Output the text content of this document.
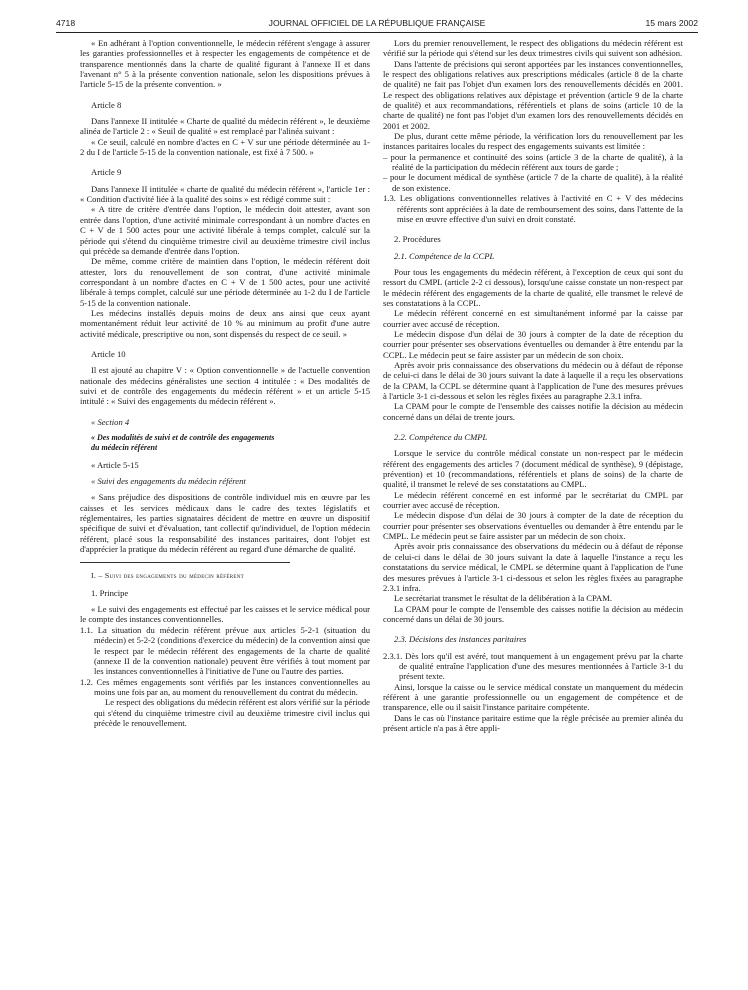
4718	JOURNAL OFFICIEL DE LA RÉPUBLIQUE FRANÇAISE	15 mars 2002

« En adhérant à l'option conventionnelle, le médecin référent s'engage à assurer les garanties professionnelles et à respecter les engagements de compétence et de transparence mentionnés dans la charte de qualité figurant à l'annexe II et dans l'avenant n° 5 à la présente convention nationale, selon les dispositions prévues à l'article 5-15 de la présente convention. »

Article 8

Dans l'annexe II intitulée « Charte de qualité du médecin référent », le deuxième alinéa de l'article 2 : « Seuil de qualité » est remplacé par l'alinéa suivant :

« Ce seuil, calculé en nombre d'actes en C + V sur une période déterminée au 1-2 du I de l'article 5-15 de la convention nationale, est fixé à 7 500. »

Article 9

Dans l'annexe II intitulée « charte de qualité du médecin référent », l'article 1er : « Condition d'activité liée à la qualité des soins » est rédigé comme suit :

« A titre de critère d'entrée dans l'option, le médecin doit attester, avant son entrée dans l'option, d'une activité minimale correspondant à un nombre d'actes en C + V de 1 500 actes pour une activité libérale à temps complet, calculé sur la période qui s'étend du cinquième trimestre civil au deuxième trimestre civil inclus qui précède sa demande d'entrée dans l'option.

De même, comme critère de maintien dans l'option, le médecin référent doit attester, lors du renouvellement de son contrat, d'une activité minimale correspondant à un nombre d'actes en C + V de 1 500 actes, pour une activité libérale à temps complet, calculé sur une période déterminée au 1-2 du I de l'article 5-15 de la convention nationale.

Les médecins installés depuis moins de deux ans ainsi que ceux ayant momentanément réduit leur activité de 10 % au minimum au profit d'une autre activité médicale, prescriptive ou non, sont dispensés du respect de ce seuil. »

Article 10

Il est ajouté au chapitre V : « Option conventionnelle » de l'actuelle convention nationale des médecins généralistes une section 4 intitulée : « Des modalités de suivi et de contrôle des engagements du médecin référent » et un article 5-15 intitulé : « Suivi des engagements du médecin référent ».

« Section 4

« Des modalités de suivi et de contrôle des engagements

du médecin référent

« Article 5-15

« Suivi des engagements du médecin référent

« Sans préjudice des dispositions de contrôle individuel mis en œuvre par les caisses et les services médicaux dans le cadre des textes législatifs et réglementaires, les parties signataires décident de mettre en œuvre un dispositif spécifique de suivi et d'évaluation, tant collectif qu'individuel, de l'option médecin référent, placé sous la responsabilité des instances paritaires, dont l'objet est d'apprécier la pratique du médecin référent au regard d'une démarche de qualité.

I. – Suivi des engagements du médecin référent

1. Principe

« Le suivi des engagements est effectué par les caisses et le service médical pour le compte des instances conventionnelles.

1.1. La situation du médecin référent prévue aux articles 5-2-1 (situation du médecin) et 5-2-2 (conditions d'exercice du médecin) de la convention ainsi que le respect par le médecin référent des engagements de la charte de qualité (annexe II de la convention nationale) peuvent être vérifiés à tout moment par les instances conventionnelles à l'initiative de l'une ou l'autre des parties.

1.2. Ces mêmes engagements sont vérifiés par les instances conventionnelles au moins une fois par an, au moment du renouvellement du contrat du médecin.

Le respect des obligations du médecin référent est alors vérifié sur la période qui s'étend du cinquième trimestre civil au deuxième trimestre civil inclus qui précède le renouvellement.

Lors du premier renouvellement, le respect des obligations du médecin référent est vérifié sur la période qui s'étend sur les deux trimestres civils qui suivent son adhésion.

Dans l'attente de précisions qui seront apportées par les instances conventionnelles, le respect des obligations relatives aux prescriptions médicales (article 8 de la charte de qualité) ne fait pas l'objet d'un examen lors des renouvellements décidés en 2001. Le respect des obligations relatives aux dépistage et prévention (article 9 de la charte de qualité) et aux recommandations, référentiels et plans de soins (article 10 de la charte de qualité) ne font pas l'objet d'un examen lors des renouvellements décidés en 2001 et 2002.

De plus, durant cette même période, la vérification lors du renouvellement par les instances paritaires locales du respect des engagements suivants est limitée :

– pour la permanence et continuité des soins (article 3 de la charte de qualité), à la réalité de la participation du médecin référent aux tours de garde ;

– pour le document médical de synthèse (article 7 de la charte de qualité), à la réalité de son existence.

1.3. Les obligations conventionnelles relatives à l'activité en C + V des médecins référents sont appréciées à la date de remboursement des soins, dans l'attente de la mise en œuvre effective d'un suivi en droit constaté.

2. Procédures

2.1. Compétence de la CCPL

Pour tous les engagements du médecin référent, à l'exception de ceux qui sont du ressort du CMPL (article 2-2 ci dessous), lorsqu'une caisse constate un non-respect par le médecin référent des engagements de la charte de qualité, elle transmet le relevé de ses constatations à la CCPL.

Le médecin référent concerné en est simultanément informé par la caisse par courrier avec accusé de réception.

Le médecin dispose d'un délai de 30 jours à compter de la date de réception du courrier pour présenter ses observations éventuelles ou demander à être entendu par la CCPL. Le médecin peut se faire assister par un médecin de son choix.

Après avoir pris connaissance des observations du médecin ou à défaut de réponse de celui-ci dans le délai de 30 jours suivant la date à laquelle il a reçu les observations de la CPAM, la CCPL se détermine quant à l'application de l'une des mesures prévues à l'article 3-1 ci-dessous et selon les règles fixées au paragraphe 2.3.1 infra.

La CPAM pour le compte de l'ensemble des caisses notifie la décision au médecin concerné dans un délai de trente jours.

2.2. Compétence du CMPL

Lorsque le service du contrôle médical constate un non-respect par le médecin référent des engagements des articles 7 (document médical de synthèse), 9 (dépistage, prévention) et 10 (recommandations, référentiels et plans de soins) de la charte de qualité, il transmet le relevé de ses constatations au CMPL.

Le médecin référent concerné en est informé par le secrétariat du CMPL par courrier avec accusé de réception.

Le médecin dispose d'un délai de 30 jours à compter de la date de réception du courrier pour présenter ses observations éventuelles ou demander à être entendu par le CMPL. Le médecin peut se faire assister par un médecin de son choix.

Après avoir pris connaissance des observations du médecin ou à défaut de réponse de celui-ci dans le délai de 30 jours suivant la date à laquelle l'instance a reçu les constatations du service médical, le CMPL se détermine quant à l'application de l'une des mesures prévues à l'article 3-1 ci-dessous et selon les règles fixées au paragraphe 2.3.1 infra.

Le secrétariat transmet le résultat de la délibération à la CPAM.

La CPAM pour le compte de l'ensemble des caisses notifie la décision au médecin concerné dans un délai de 30 jours.

2.3. Décisions des instances paritaires

2.3.1. Dès lors qu'il est avéré, tout manquement à un engagement prévu par la charte de qualité entraîne l'application d'une des mesures mentionnées à l'article 3-1 du présent texte.

Ainsi, lorsque la caisse ou le service médical constate un manquement du médecin référent à une garantie professionnelle ou un engagement de compétence et de transparence, elle ou il saisit l'instance paritaire compétente.

Dans le cas où l'instance paritaire estime que la règle précisée au premier alinéa du présent article n'a pas à être appli-
